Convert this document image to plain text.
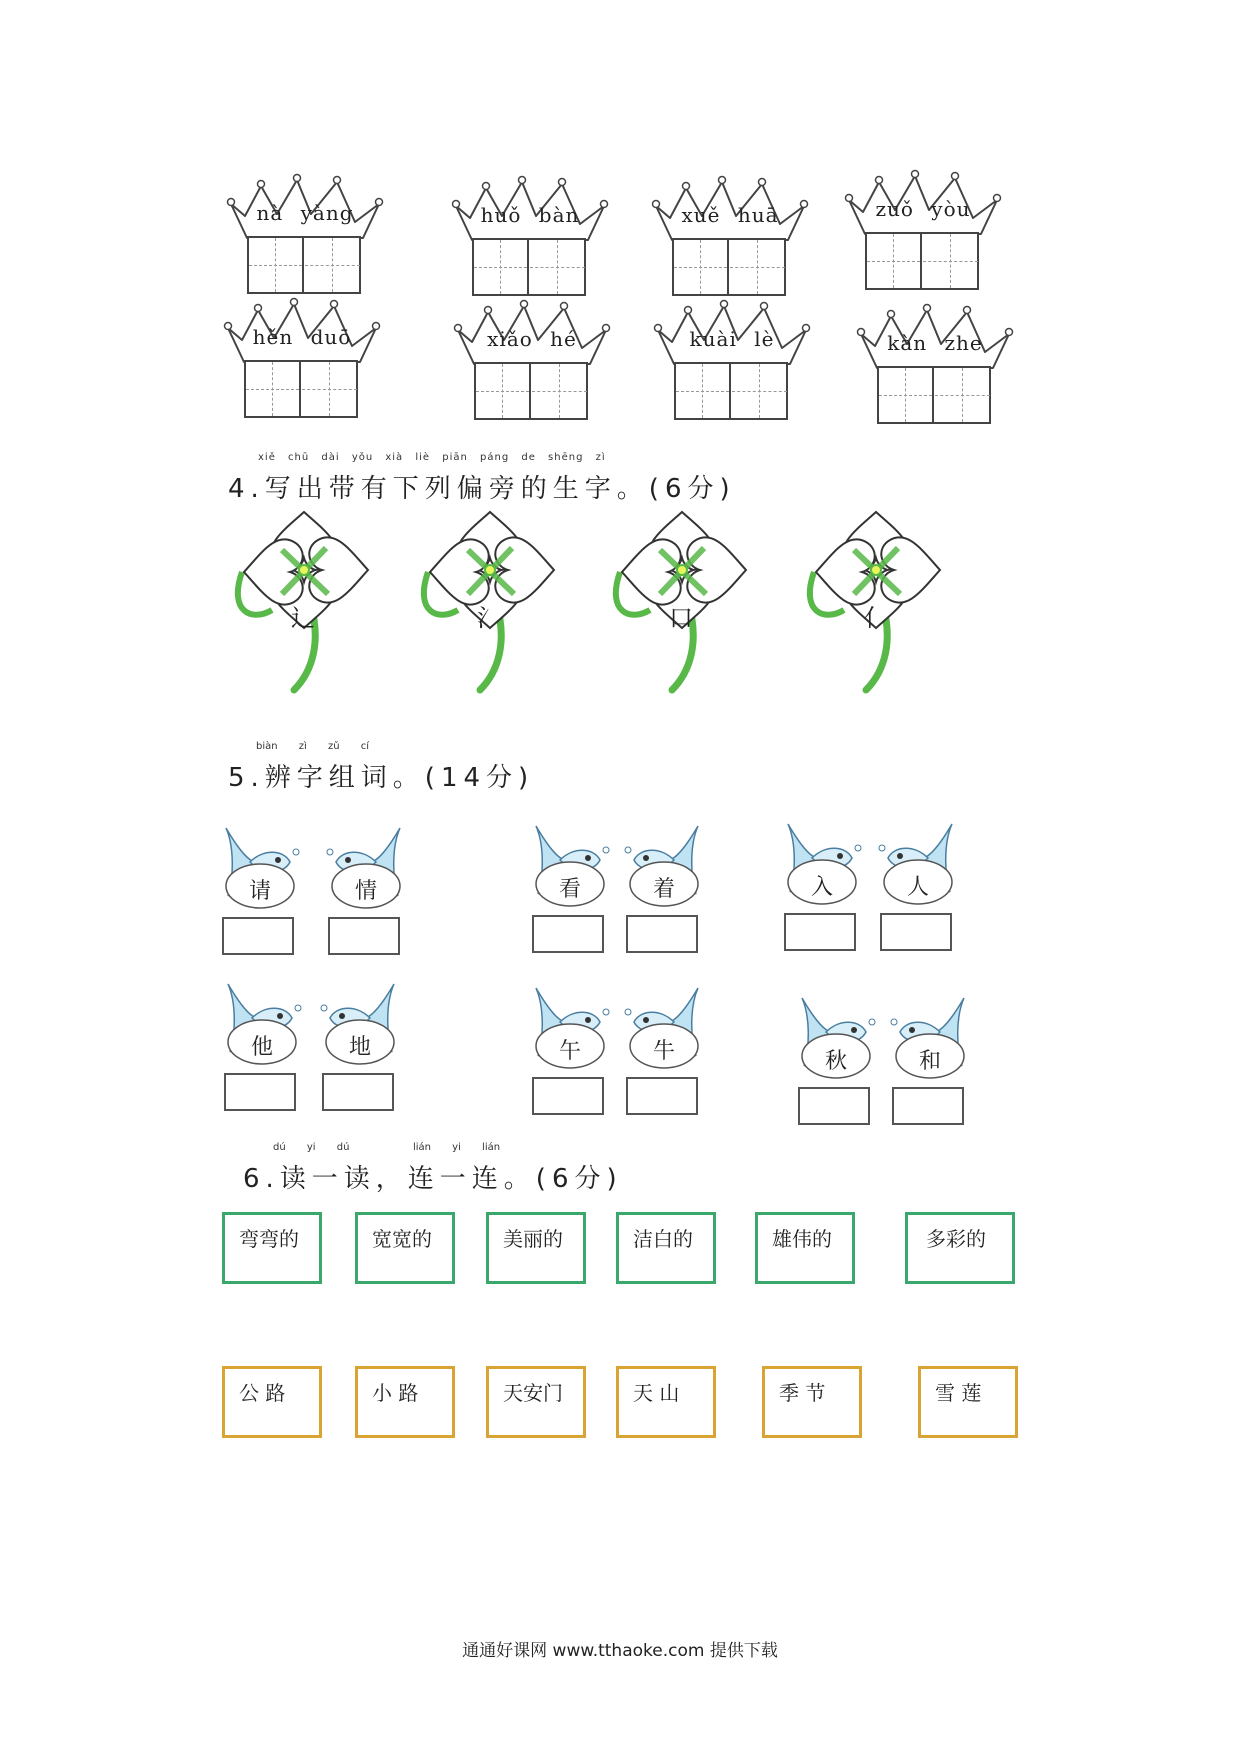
nà yàng	huǒ bàn	xuě huā	zuǒ yòu
hěn duō	xiǎo hé	kuài lè	kàn zhe
xiě chū dài yǒu xià liè piān páng de shēng zì
4.写出带有下列偏旁的生字。(6分)
辶	氵	口	亻
biàn zì zǔ cí
5.辨字组词。(14分)
请	情	看	着	入	人
他	地	午	牛	秋	和
dú yi dú   lián yi lián
6.读一读，连一连。(6分)
弯弯的	宽宽的	美丽的	洁白的	雄伟的	多彩的
公 路	小 路	天安门	天 山	季 节	雪 莲
通通好课网 www.tthaoke.com 提供下载
